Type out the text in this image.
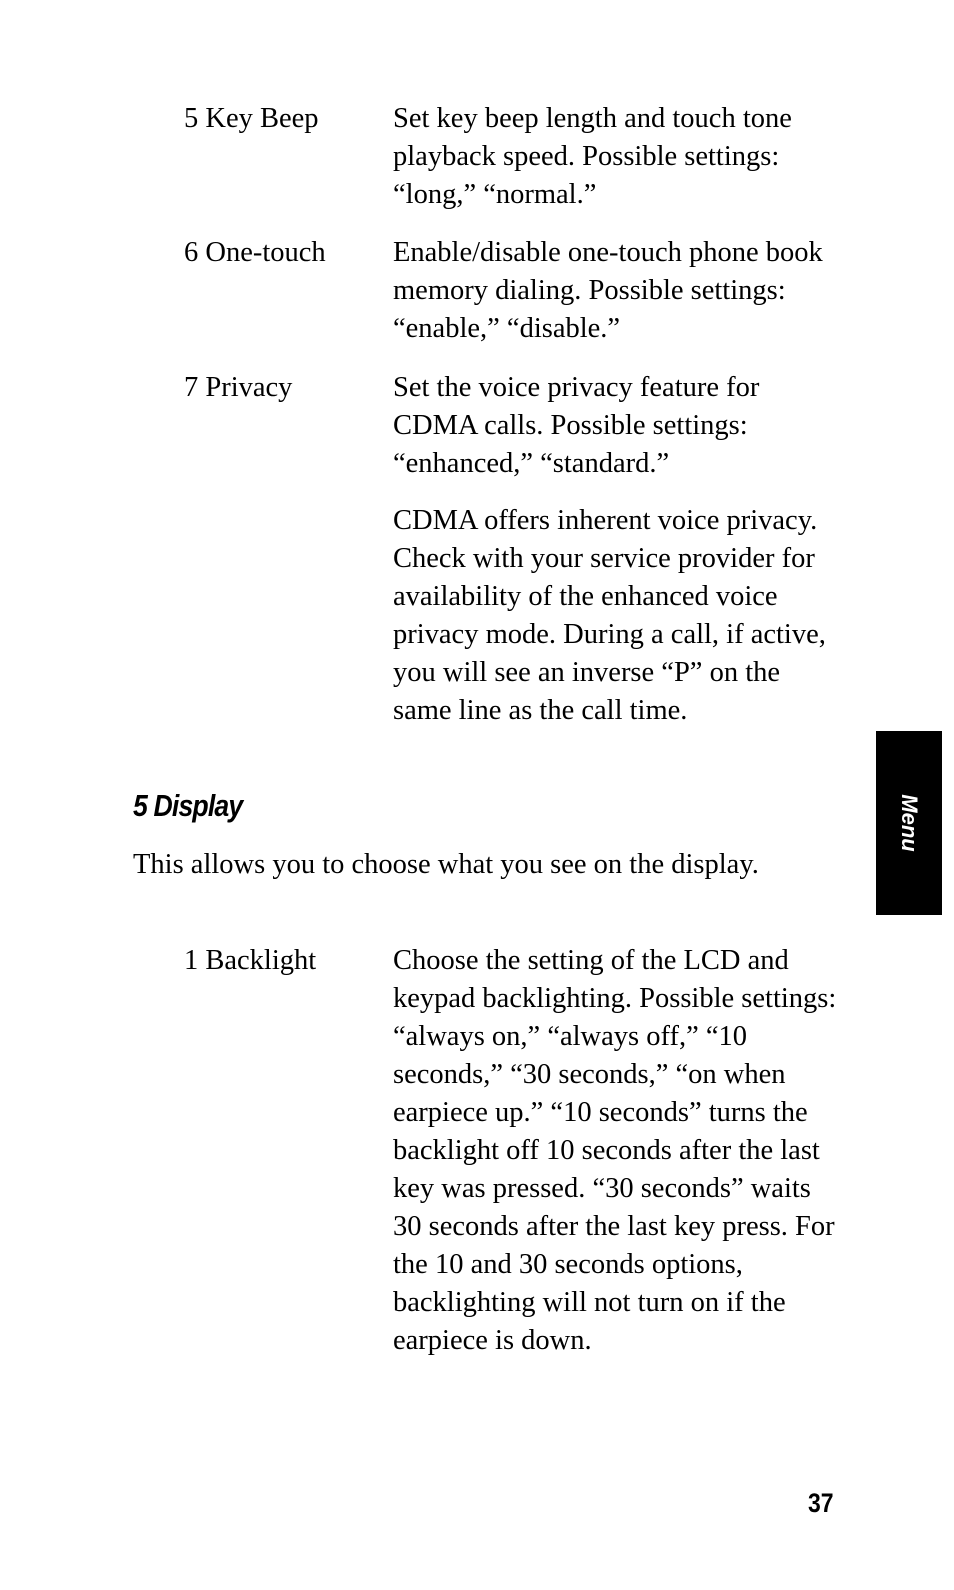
5 Key Beep	Set key beep length and touch tone playback speed. Possible settings: “long,” “normal.”
6 One-touch	Enable/disable one-touch phone book memory dialing. Possible settings: “enable,” “disable.”
7 Privacy	Set the voice privacy feature for CDMA calls. Possible settings: “enhanced,” “standard.”
CDMA offers inherent voice privacy. Check with your service provider for availability of the enhanced voice privacy mode. During a call, if active, you will see an inverse “P” on the same line as the call time.
5 Display
This allows you to choose what you see on the display.
1 Backlight	Choose the setting of the LCD and keypad backlighting. Possible settings: “always on,” “always off,” “10 seconds,” “30 seconds,” “on when earpiece up.” “10 seconds” turns the backlight off 10 seconds after the last key was pressed. “30 seconds” waits 30 seconds after the last key press. For the 10 and 30 seconds options, backlighting will not turn on if the earpiece is down.
Menu
37
